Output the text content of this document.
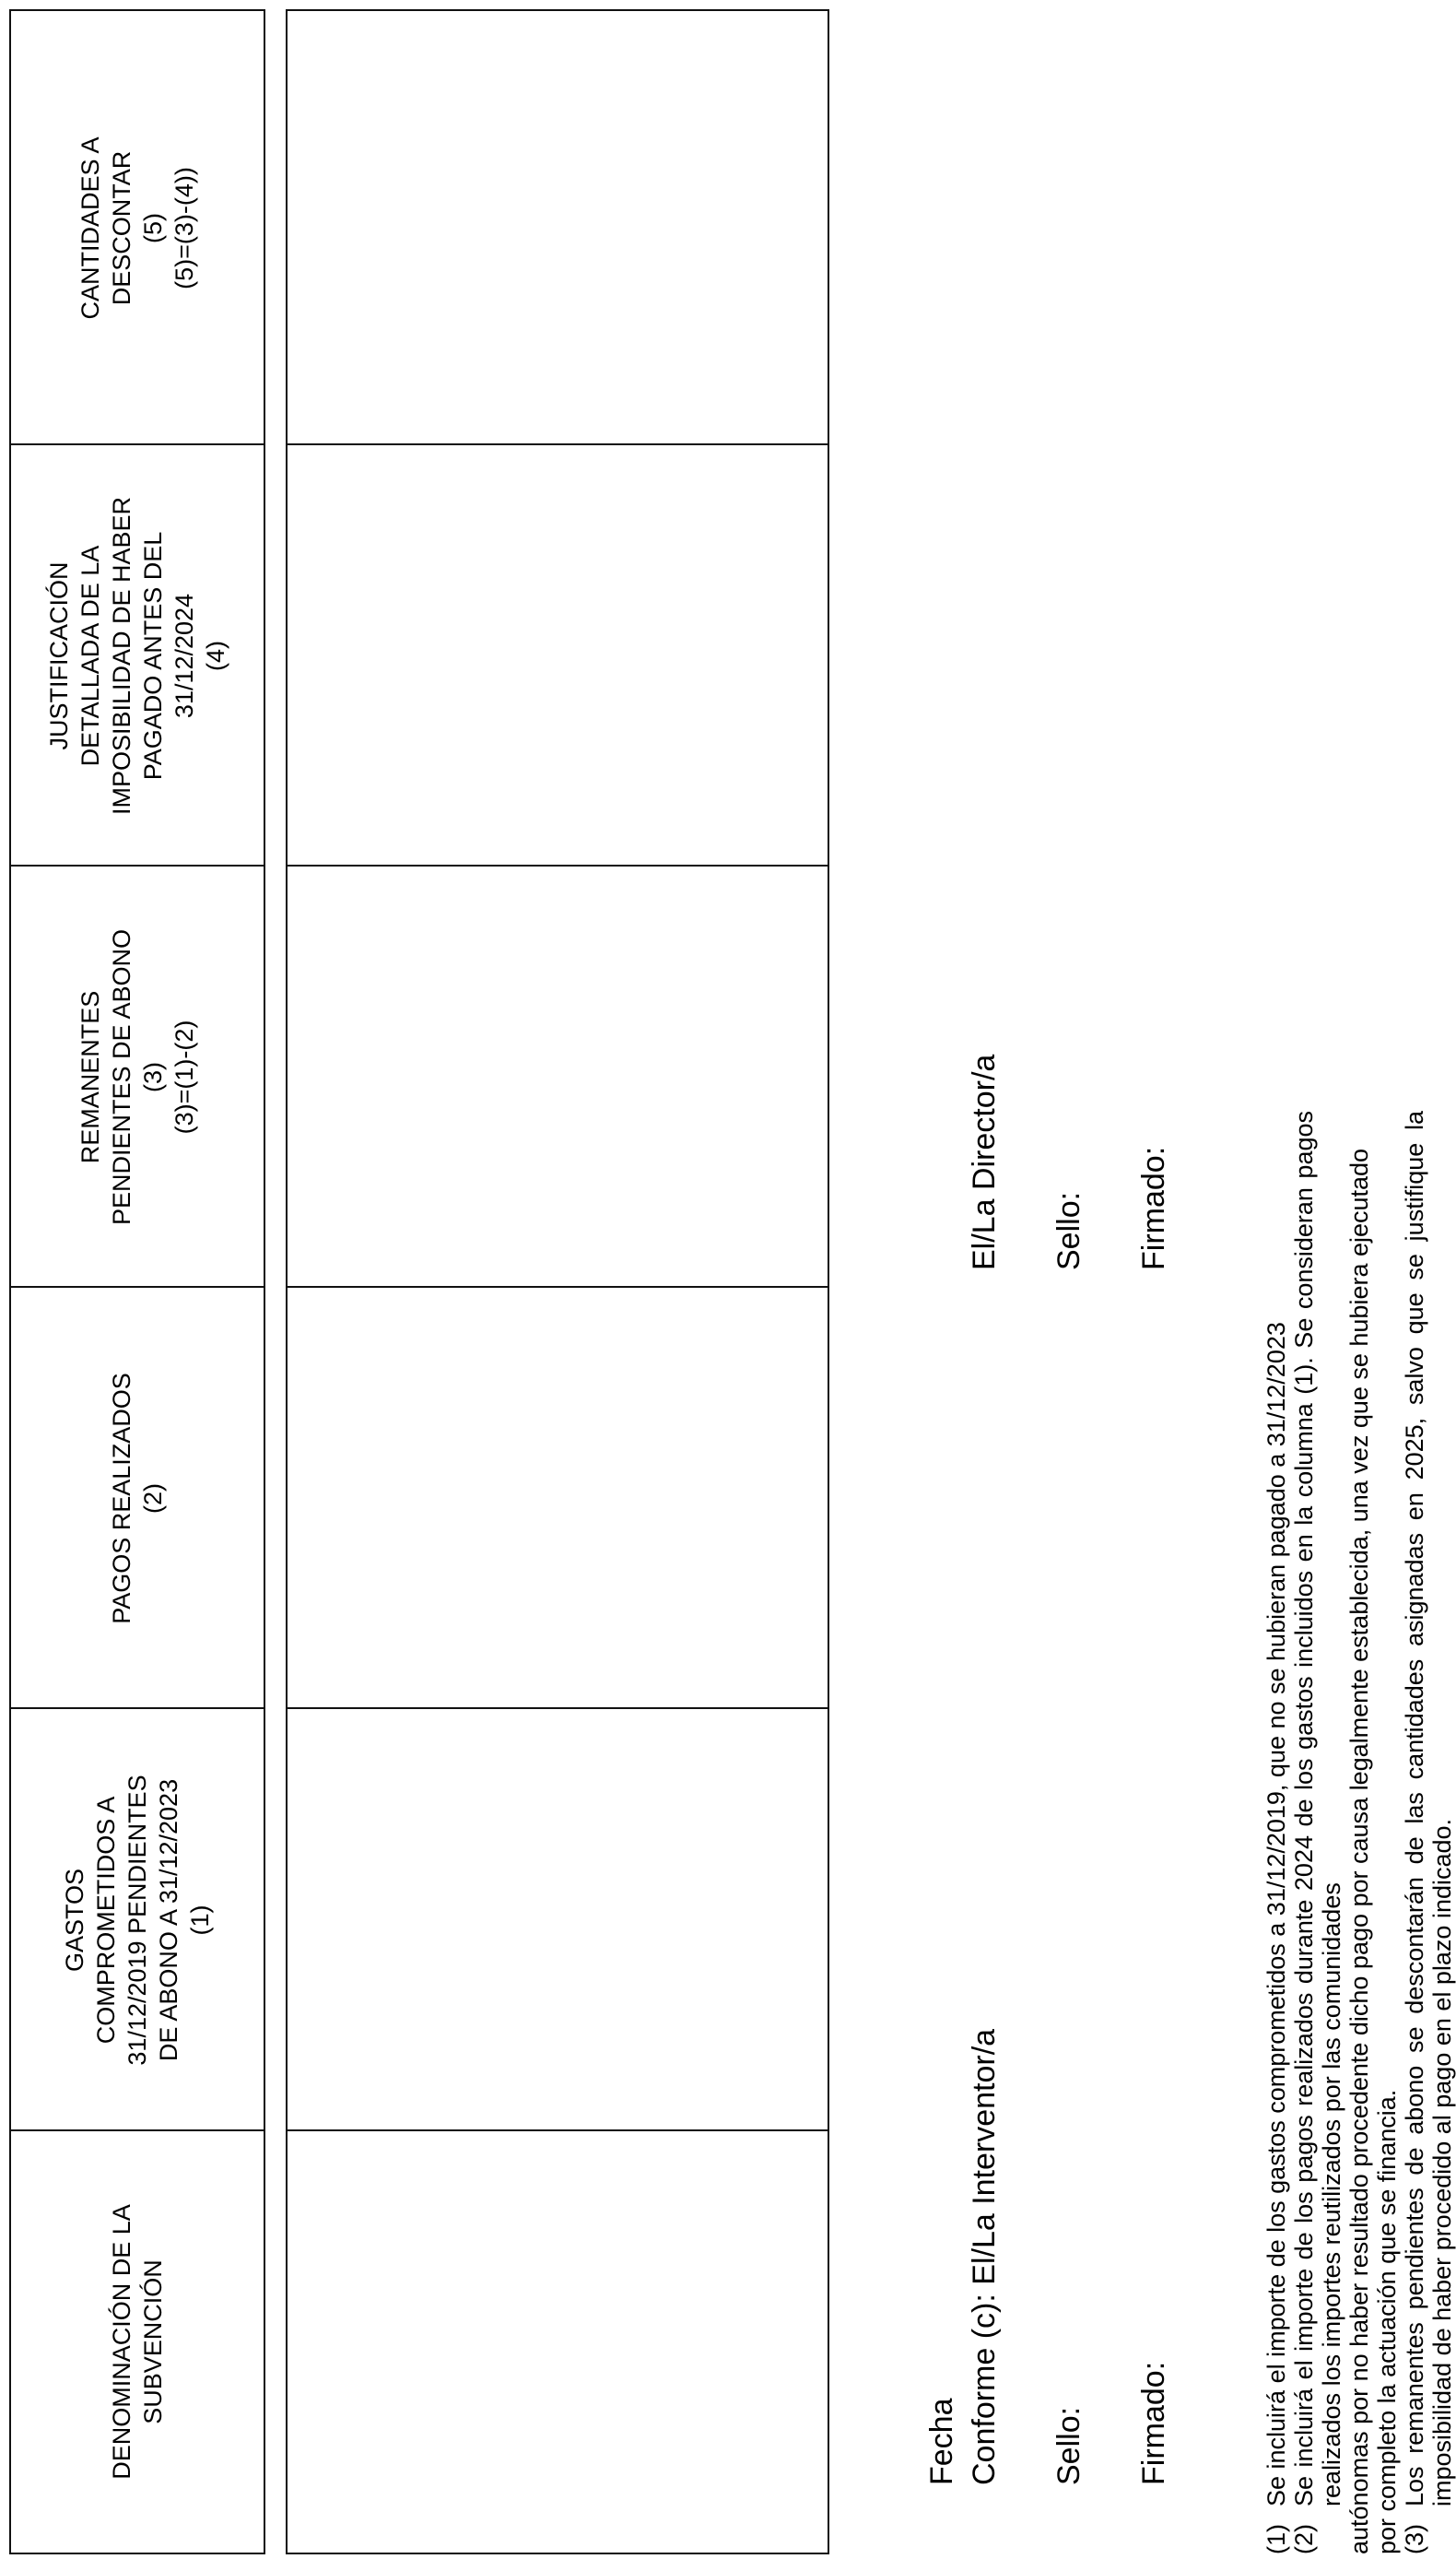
DENOMINACIÓN DE LA
SUBVENCIÓN
GASTOS
COMPROMETIDOS A
31/12/2019 PENDIENTES
DE ABONO A 31/12/2023
(1)
PAGOS REALIZADOS
(2)
REMANENTES
PENDIENTES DE ABONO
(3)
(3)=(1)-(2)
JUSTIFICACIÓN
DETALLADA DE LA
IMPOSIBILIDAD DE HABER
PAGADO ANTES DEL
31/12/2024
(4)
CANTIDADES A
DESCONTAR
(5)
(5)=(3)-(4))
Fecha Conforme (c): El/La Interventor/a Sello: Firmado:
El/La Director/a Sello: Firmado:
(1)
Se incluirá el importe de los gastos comprometidos a 31/12/2019, que no se hubieran pagado a 31/12/2023
(2)
Se incluirá el importe de los pagos realizados durante 2024 de los gastos incluidos en la columna (1). Se consideran pagos realizados los importes reutilizados por las comunidades autónomas por no haber resultado procedente dicho pago por causa legalmente establecida, una vez que se hubiera ejecutado por completo la actuación que se financia. (3)
Los remanentes pendientes de abono se descontarán de las cantidades asignadas en 2025, salvo que se justifique la imposibilidad de haber procedido al pago en el plazo indicado.
